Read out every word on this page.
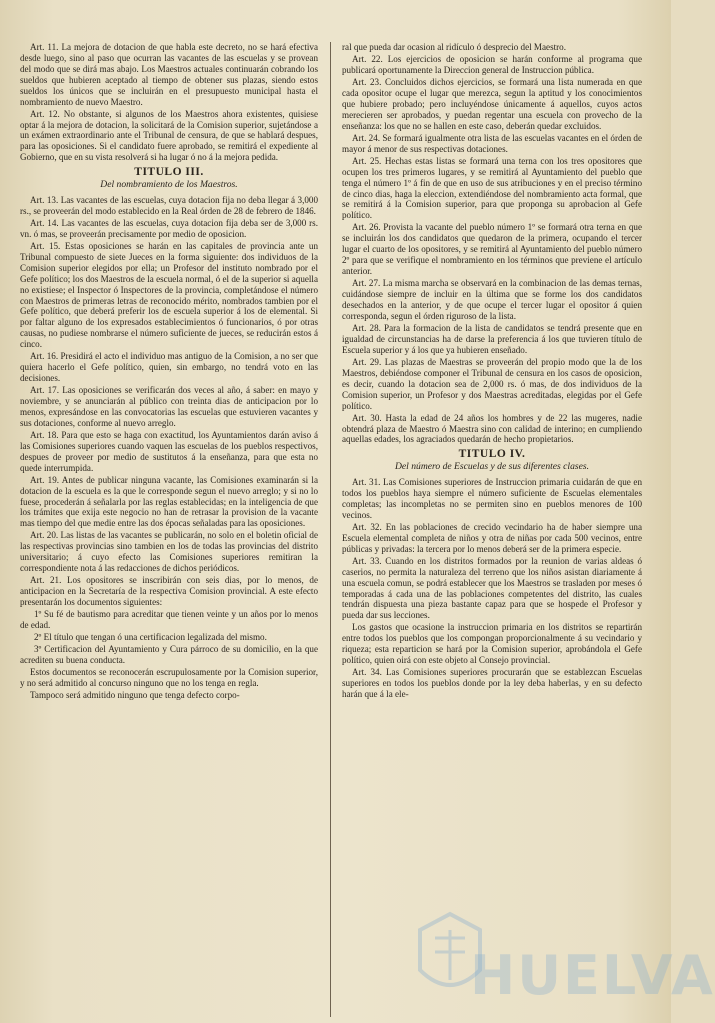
Art. 11. La mejora de dotacion de que habla este decreto, no se hará efectiva desde luego, sino al paso que ocurran las vacantes de las escuelas y se provean del modo que se dirá mas abajo. Los Maestros actuales continuarán cobrando los sueldos que hubieren aceptado al tiempo de obtener sus plazas, siendo estos sueldos los únicos que se incluirán en el presupuesto municipal hasta el nombramiento de nuevo Maestro.

Art. 12. No obstante, si algunos de los Maestros ahora existentes, quisiese optar á la mejora de dotacion, la solicitará de la Comision superior, sujetándose a un exámen extraordinario ante el Tribunal de censura, de que se hablará despues, para las oposiciones. Si el candidato fuere aprobado, se remitirá el expediente al Gobierno, que en su vista resolverá si ha lugar ó no á la mejora pedida.

TITULO III.

Del nombramiento de los Maestros.

Art. 13. Las vacantes de las escuelas, cuya dotacion fija no deba llegar á 3,000 rs., se proveerán del modo establecido en la Real órden de 28 de febrero de 1846.

Art. 14. Las vacantes de las escuelas, cuya dotacion fija deba ser de 3,000 rs. vn. ó mas, se proveerán precisamente por medio de oposicion.

Art. 15. Estas oposiciones se harán en las capitales de provincia ante un Tribunal compuesto de siete Jueces en la forma siguiente: dos individuos de la Comision superior elegidos por ella; un Profesor del instituto nombrado por el Gefe político; los dos Maestros de la escuela normal, ó el de la superior si aquella no existiese; el Inspector ó Inspectores de la provincia, completándose el número con Maestros de primeras letras de reconocido mérito, nombrados tambien por el Gefe político, que deberá preferir los de escuela superior á los de elemental. Si por faltar alguno de los expresados establecimientos ó funcionarios, ó por otras causas, no pudiese nombrarse el número suficiente de jueces, se reducirán estos á cinco.

Art. 16. Presidirá el acto el individuo mas antiguo de la Comision, a no ser que quiera hacerlo el Gefe político, quien, sin embargo, no tendrá voto en las decisiones.

Art. 17. Las oposiciones se verificarán dos veces al año, á saber: en mayo y noviembre, y se anunciarán al público con treinta dias de anticipacion por lo menos, expresándose en las convocatorias las escuelas que estuvieren vacantes y sus dotaciones, conforme al nuevo arreglo.

Art. 18. Para que esto se haga con exactitud, los Ayuntamientos darán aviso á las Comisiones superiores cuando vaquen las escuelas de los pueblos respectivos, despues de proveer por medio de sustitutos á la enseñanza, para que esta no quede interrumpida.

Art. 19. Antes de publicar ninguna vacante, las Comisiones examinarán si la dotacion de la escuela es la que le corresponde segun el nuevo arreglo; y si no lo fuese, procederán á señalarla por las reglas establecidas; en la inteligencia de que los trámites que exija este negocio no han de retrasar la provision de la vacante mas tiempo del que medie entre las dos épocas señaladas para las oposiciones.

Art. 20. Las listas de las vacantes se publicarán, no solo en el boletin oficial de las respectivas provincias sino tambien en los de todas las provincias del distrito universitario; á cuyo efecto las Comisiones superiores remitiran la correspondiente nota á las redacciones de dichos periódicos.

Art. 21. Los opositores se inscribirán con seis dias, por lo menos, de anticipacion en la Secretaría de la respectiva Comision provincial. A este efecto presentarán los documentos siguientes:

1º Su fé de bautismo para acreditar que tienen veinte y un años por lo menos de edad.

2º El título que tengan ó una certificacion legalizada del mismo.

3º Certificacion del Ayuntamiento y Cura párroco de su domicilio, en la que acrediten su buena conducta.

Estos documentos se reconocerán escrupulosamente por la Comision superior, y no será admitido al concurso ninguno que no los tenga en regla.

Tampoco será admitido ninguno que tenga defecto corpo-

ral que pueda dar ocasion al ridículo ó desprecio del Maestro.

Art. 22. Los ejercicios de oposicion se harán conforme al programa que publicará oportunamente la Direccion general de Instruccion pública.

Art. 23. Concluidos dichos ejercicios, se formará una lista numerada en que cada opositor ocupe el lugar que merezca, segun la aptitud y los conocimientos que hubiere probado; pero incluyéndose únicamente á aquellos, cuyos actos merecieren ser aprobados, y puedan regentar una escuela con provecho de la enseñanza: los que no se hallen en este caso, deberán quedar excluidos.

Art. 24. Se formará igualmente otra lista de las escuelas vacantes en el órden de mayor á menor de sus respectivas dotaciones.

Art. 25. Hechas estas listas se formará una terna con los tres opositores que ocupen los tres primeros lugares, y se remitirá al Ayuntamiento del pueblo que tenga el número 1º á fin de que en uso de sus atribuciones y en el preciso término de cinco dias, haga la eleccion, extendiéndose del nombramiento acta formal, que se remitirá á la Comision superior, para que proponga su aprobacion al Gefe político.

Art. 26. Provista la vacante del pueblo número 1º se formará otra terna en que se incluirán los dos candidatos que quedaron de la primera, ocupando el tercer lugar el cuarto de los opositores, y se remitirá al Ayuntamiento del pueblo número 2º para que se verifique el nombramiento en los términos que previene el artículo anterior.

Art. 27. La misma marcha se observará en la combinacion de las demas ternas, cuidándose siempre de incluir en la última que se forme los dos candidatos desechados en la anterior, y de que ocupe el tercer lugar el opositor á quien corresponda, segun el órden riguroso de la lista.

Art. 28. Para la formacion de la lista de candidatos se tendrá presente que en igualdad de circunstancias ha de darse la preferencia á los que tuvieren título de Escuela superior y á los que ya hubieren enseñado.

Art. 29. Las plazas de Maestras se proveerán del propio modo que la de los Maestros, debiéndose componer el Tribunal de censura en los casos de oposicion, es decir, cuando la dotacion sea de 2,000 rs. ó mas, de dos individuos de la Comision superior, un Profesor y dos Maestras acreditadas, elegidas por el Gefe político.

Art. 30. Hasta la edad de 24 años los hombres y de 22 las mugeres, nadie obtendrá plaza de Maestro ó Maestra sino con calidad de interino; en cumpliendo aquellas edades, los agraciados quedarán de hecho propietarios.

TITULO IV.

Del número de Escuelas y de sus diferentes clases.

Art. 31. Las Comisiones superiores de Instruccion primaria cuidarán de que en todos los pueblos haya siempre el número suficiente de Escuelas elementales completas; las incompletas no se permiten sino en pueblos menores de 100 vecinos.

Art. 32. En las poblaciones de crecido vecindario ha de haber siempre una Escuela elemental completa de niños y otra de niñas por cada 500 vecinos, entre públicas y privadas: la tercera por lo menos deberá ser de la primera especie.

Art. 33. Cuando en los distritos formados por la reunion de varias aldeas ó caserios, no permita la naturaleza del terreno que los niños asistan diariamente á una escuela comun, se podrá establecer que los Maestros se trasladen por meses ó temporadas á cada una de las poblaciones competentes del distrito, las cuales tendrán dispuesta una pieza bastante capaz para que se hospede el Profesor y pueda dar sus lecciones.

Los gastos que ocasione la instruccion primaria en los distritos se repartirán entre todos los pueblos que los compongan proporcionalmente á su vecindario y riqueza; esta reparticion se hará por la Comision superior, aprobándola el Gefe político, quien oirá con este objeto al Consejo provincial.

Art. 34. Las Comisiones superiores procurarán que se establezcan Escuelas superiores en todos los pueblos donde por la ley deba haberlas, y en su defecto harán que á la ele-

HUELVA
